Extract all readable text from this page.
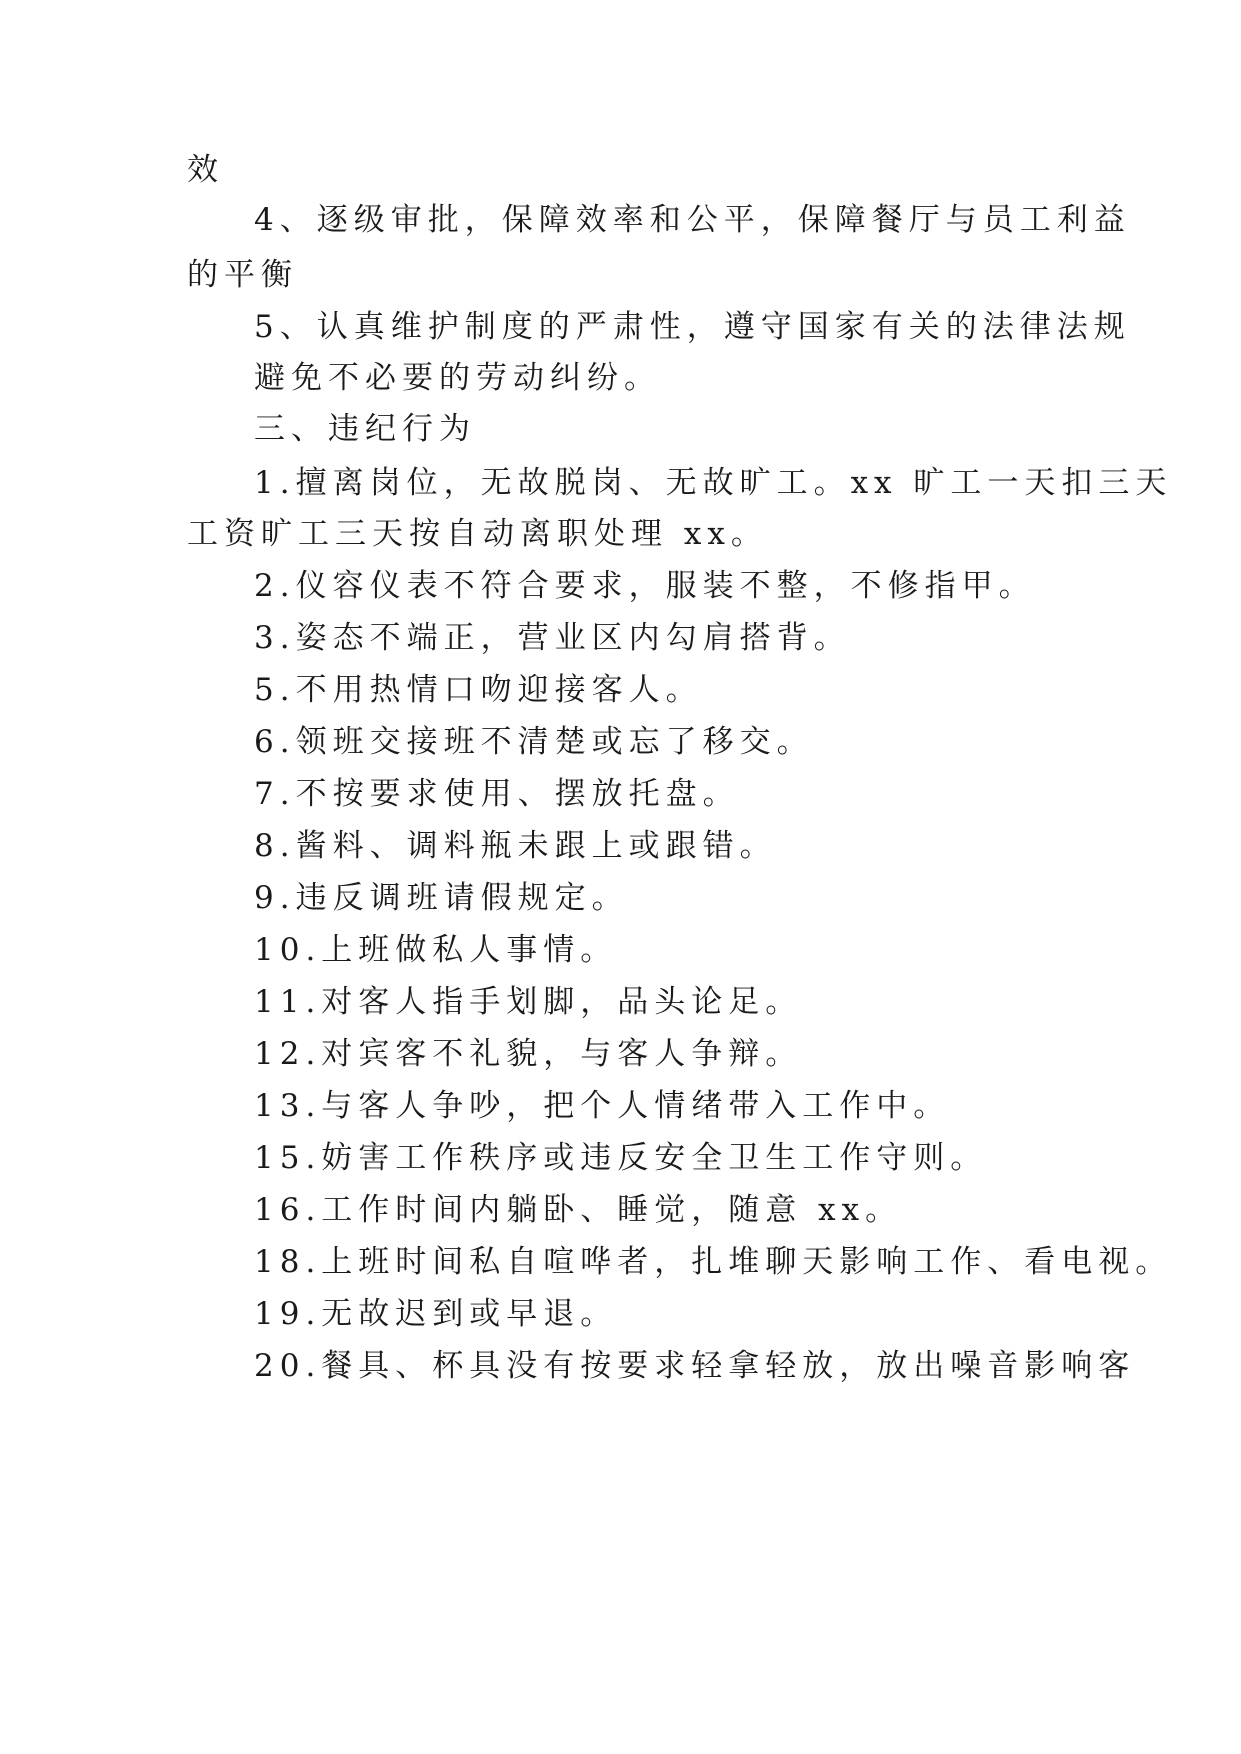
效
4、逐级审批，保障效率和公平，保障餐厅与员工利益
的平衡
5、认真维护制度的严肃性，遵守国家有关的法律法规
避免不必要的劳动纠纷。
三、违纪行为
1.擅离岗位，无故脱岗、无故旷工。xx 旷工一天扣三天
工资旷工三天按自动离职处理 xx。
2.仪容仪表不符合要求，服装不整，不修指甲。
3.姿态不端正，营业区内勾肩搭背。
5.不用热情口吻迎接客人。
6.领班交接班不清楚或忘了移交。
7.不按要求使用、摆放托盘。
8.酱料、调料瓶未跟上或跟错。
9.违反调班请假规定。
10.上班做私人事情。
11.对客人指手划脚，品头论足。
12.对宾客不礼貌，与客人争辩。
13.与客人争吵，把个人情绪带入工作中。
15.妨害工作秩序或违反安全卫生工作守则。
16.工作时间内躺卧、睡觉，随意 xx。
18.上班时间私自喧哗者，扎堆聊天影响工作、看电视。
19.无故迟到或早退。
20.餐具、杯具没有按要求轻拿轻放，放出噪音影响客
